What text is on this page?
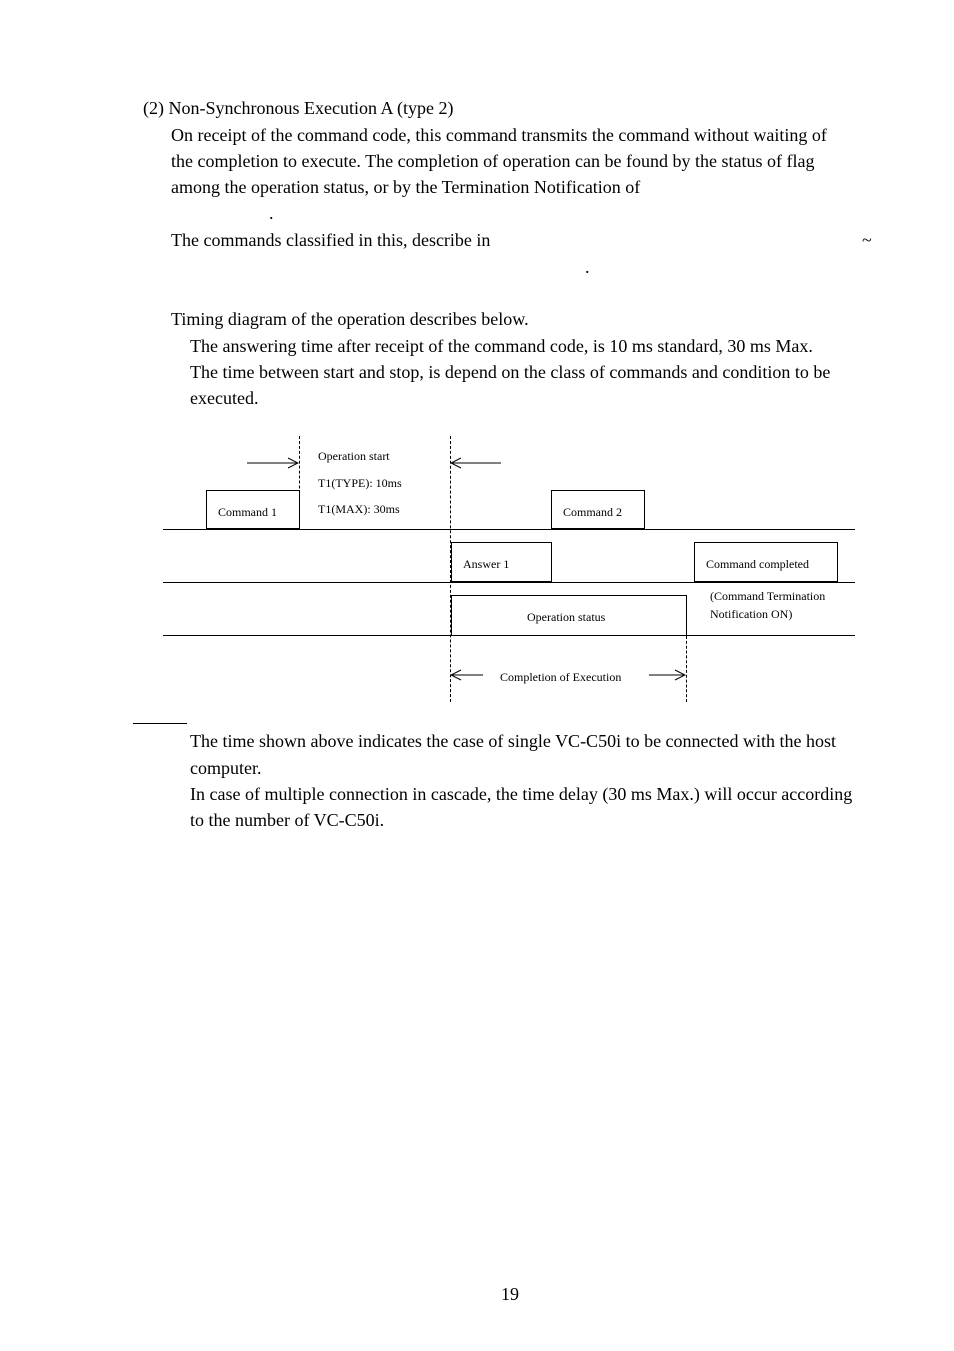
(2) Non-Synchronous Execution A (type 2)
On receipt of the command code, this command transmits the command without waiting of
the completion to execute. The completion of operation can be found by the status of flag
among the operation status, or by the Termination Notification of
.
The commands classified in this, describe in	~
.
Timing diagram of the operation describes below.
The answering time after receipt of the command code, is 10 ms standard, 30 ms Max.
The time between start and stop, is depend on the class of commands and condition to be
executed.
Operation start
T1(TYPE): 10ms
T1(MAX): 30ms
Command 1	Command 2
Answer 1	Command completed
Operation status
(Command Termination
Notification ON)
Completion of Execution
The time shown above indicates the case of single VC-C50i to be connected with the host
computer.
In case of multiple connection in cascade, the time delay (30 ms Max.) will occur according
to the number of VC-C50i.
19
